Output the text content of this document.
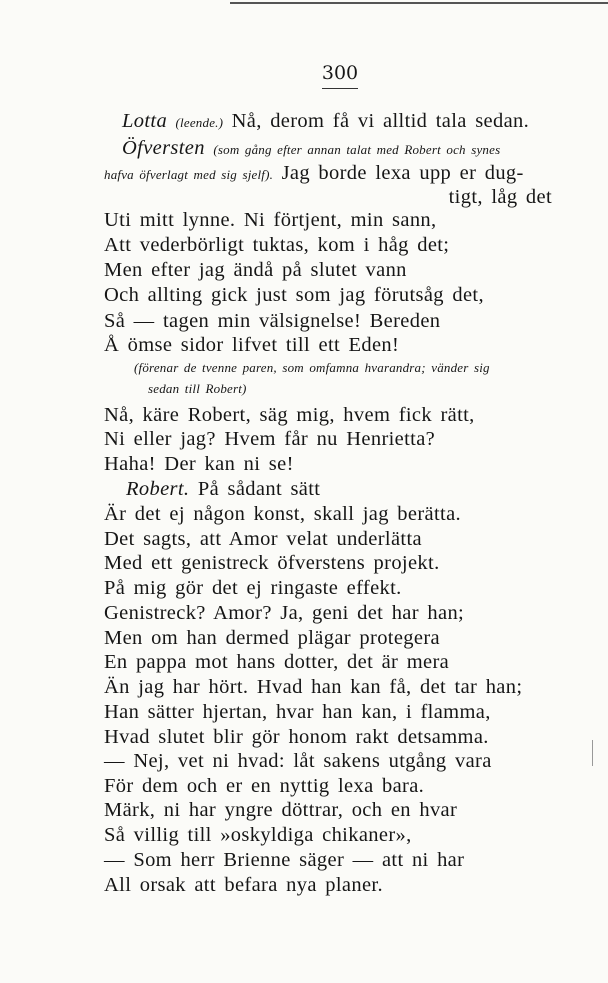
300
Lotta (leende.) Nå, derom få vi alltid tala sedan.
Öfversten (som gång efter annan talat med Robert och synes
hafva öfverlagt med sig sjelf). Jag borde lexa upp er dug-
tigt, låg det
Uti mitt lynne. Ni förtjent, min sann,
Att vederbörligt tuktas, kom i håg det;
Men efter jag ändå på slutet vann
Och allting gick just som jag förutsåg det,
Så — tagen min välsignelse! Bereden
Å ömse sidor lifvet till ett Eden!
(förenar de tvenne paren, som omfamna hvarandra; vänder sig
sedan till Robert)
Nå, käre Robert, säg mig, hvem fick rätt,
Ni eller jag? Hvem får nu Henrietta?
Haha! Der kan ni se!
Robert. På sådant sätt
Är det ej någon konst, skall jag berätta.
Det sagts, att Amor velat underlätta
Med ett genistreck öfverstens projekt.
På mig gör det ej ringaste effekt.
Genistreck? Amor? Ja, geni det har han;
Men om han dermed plägar protegera
En pappa mot hans dotter, det är mera
Än jag har hört. Hvad han kan få, det tar han;
Han sätter hjertan, hvar han kan, i flamma,
Hvad slutet blir gör honom rakt detsamma.
— Nej, vet ni hvad: låt sakens utgång vara
För dem och er en nyttig lexa bara.
Märk, ni har yngre döttrar, och en hvar
Så villig till »oskyldiga chikaner»,
— Som herr Brienne säger — att ni har
All orsak att befara nya planer.
